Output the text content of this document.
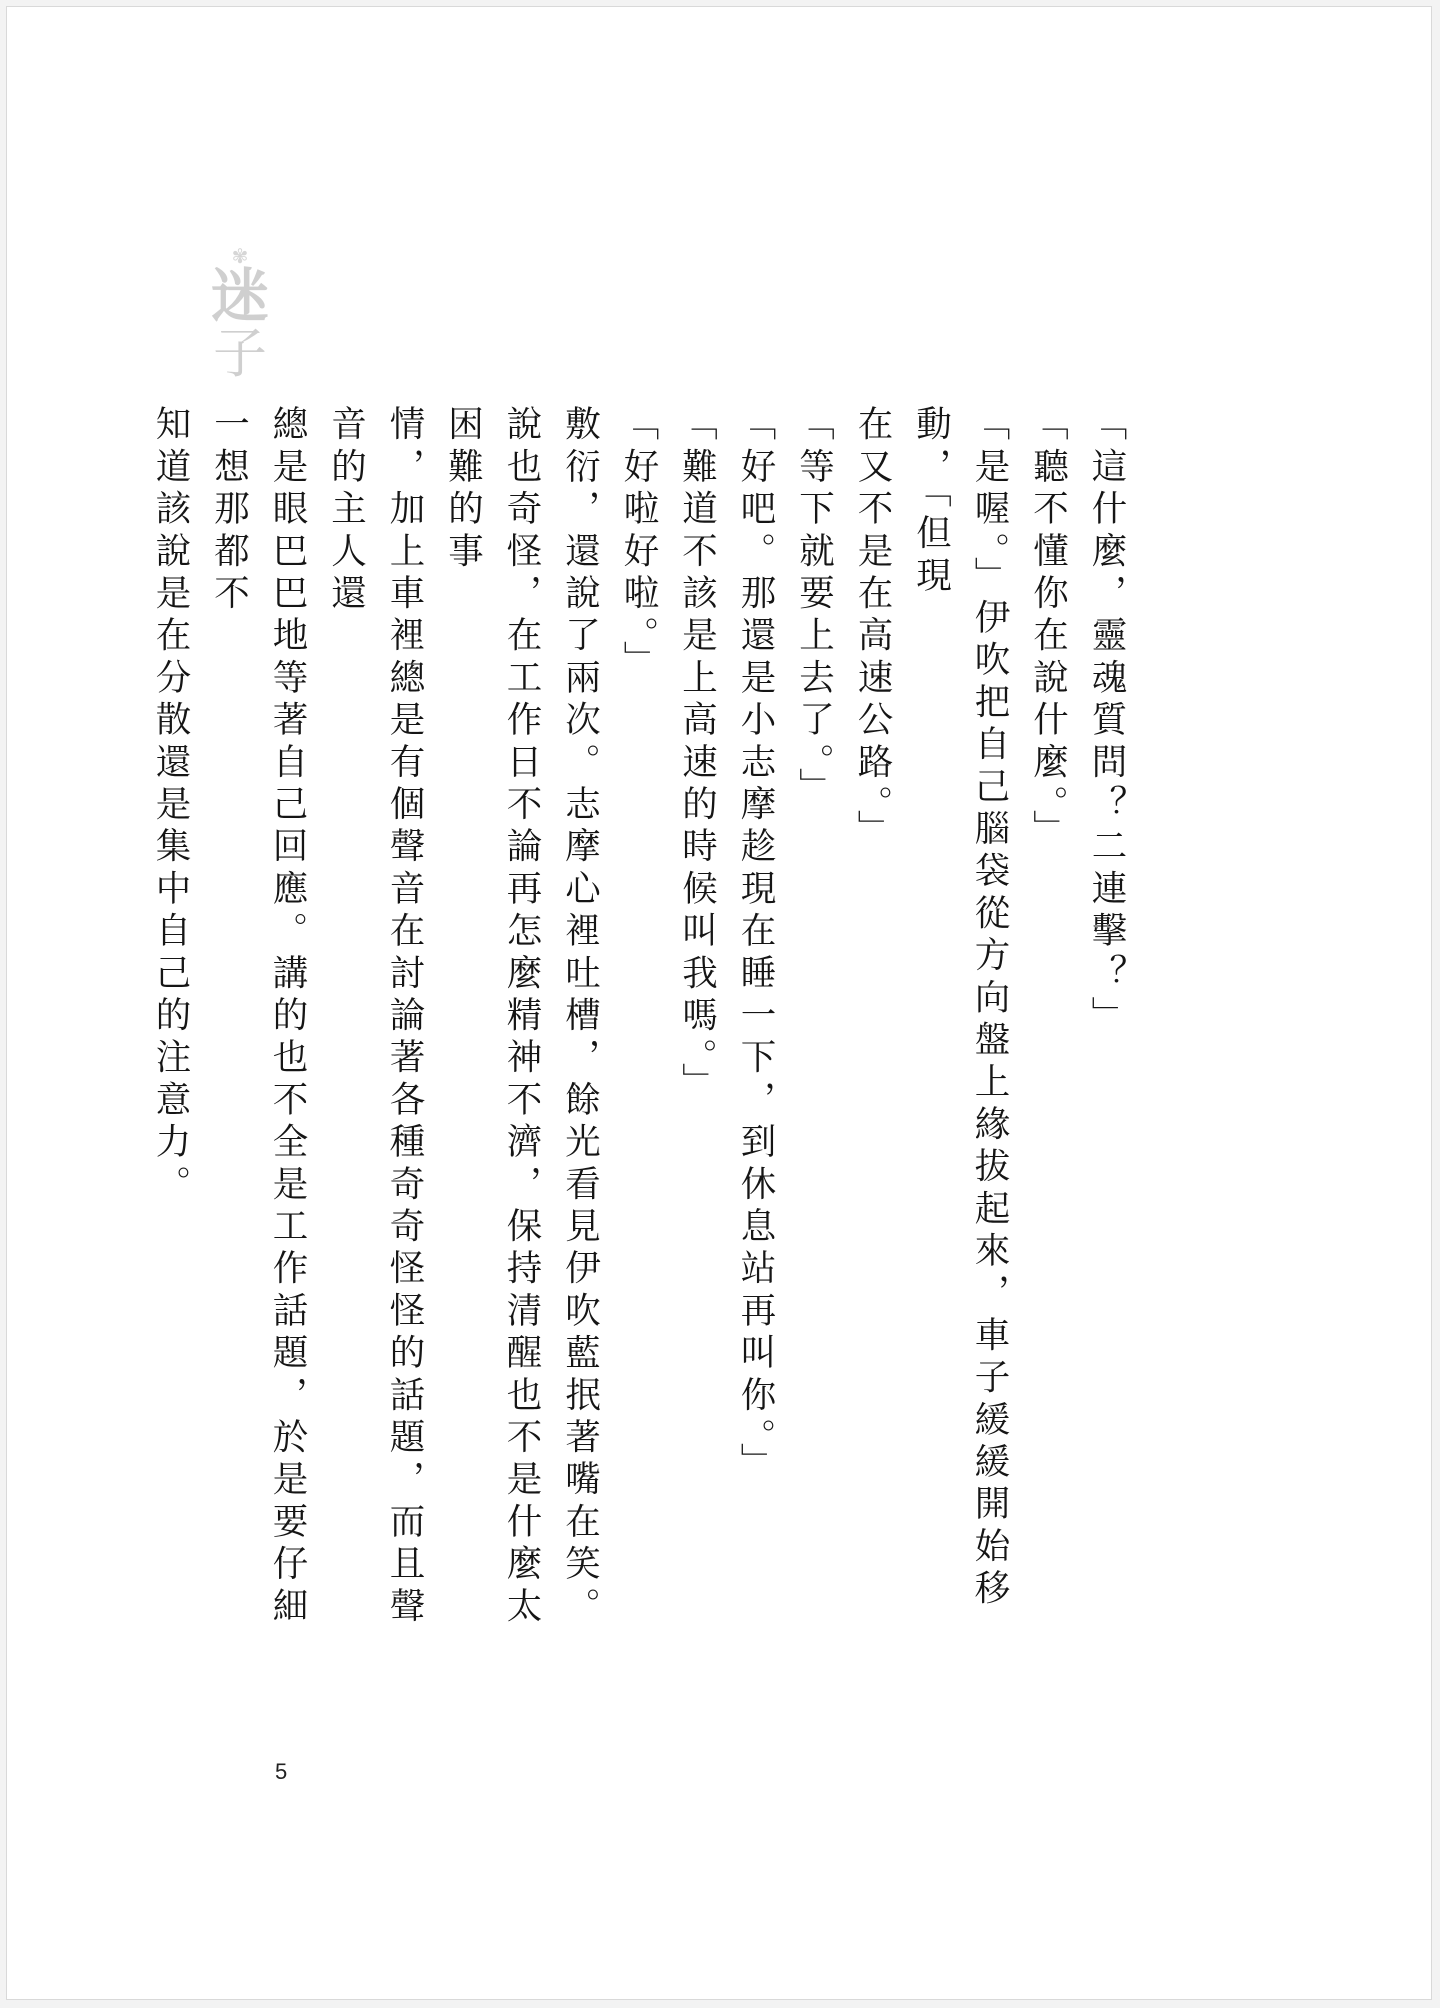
✾
迷
子

「這什麼，靈魂質問？二連擊？」

「聽不懂你在說什麼。」

「是喔。」伊吹把自己腦袋從方向盤上緣拔起來，車子緩緩開始移動，「但現

在又不是在高速公路。」

「等下就要上去了。」

「好吧。那還是小志摩趁現在睡一下，到休息站再叫你。」

「難道不該是上高速的時候叫我嗎。」

「好啦好啦。」

敷衍，還說了兩次。志摩心裡吐槽，餘光看見伊吹藍抿著嘴在笑。

說也奇怪，在工作日不論再怎麼精神不濟，保持清醒也不是什麼太困難的事

情，加上車裡總是有個聲音在討論著各種奇奇怪怪的話題，而且聲音的主人還

總是眼巴巴地等著自己回應。講的也不全是工作話題，於是要仔細一想那都不

知道該說是在分散還是集中自己的注意力。

5
